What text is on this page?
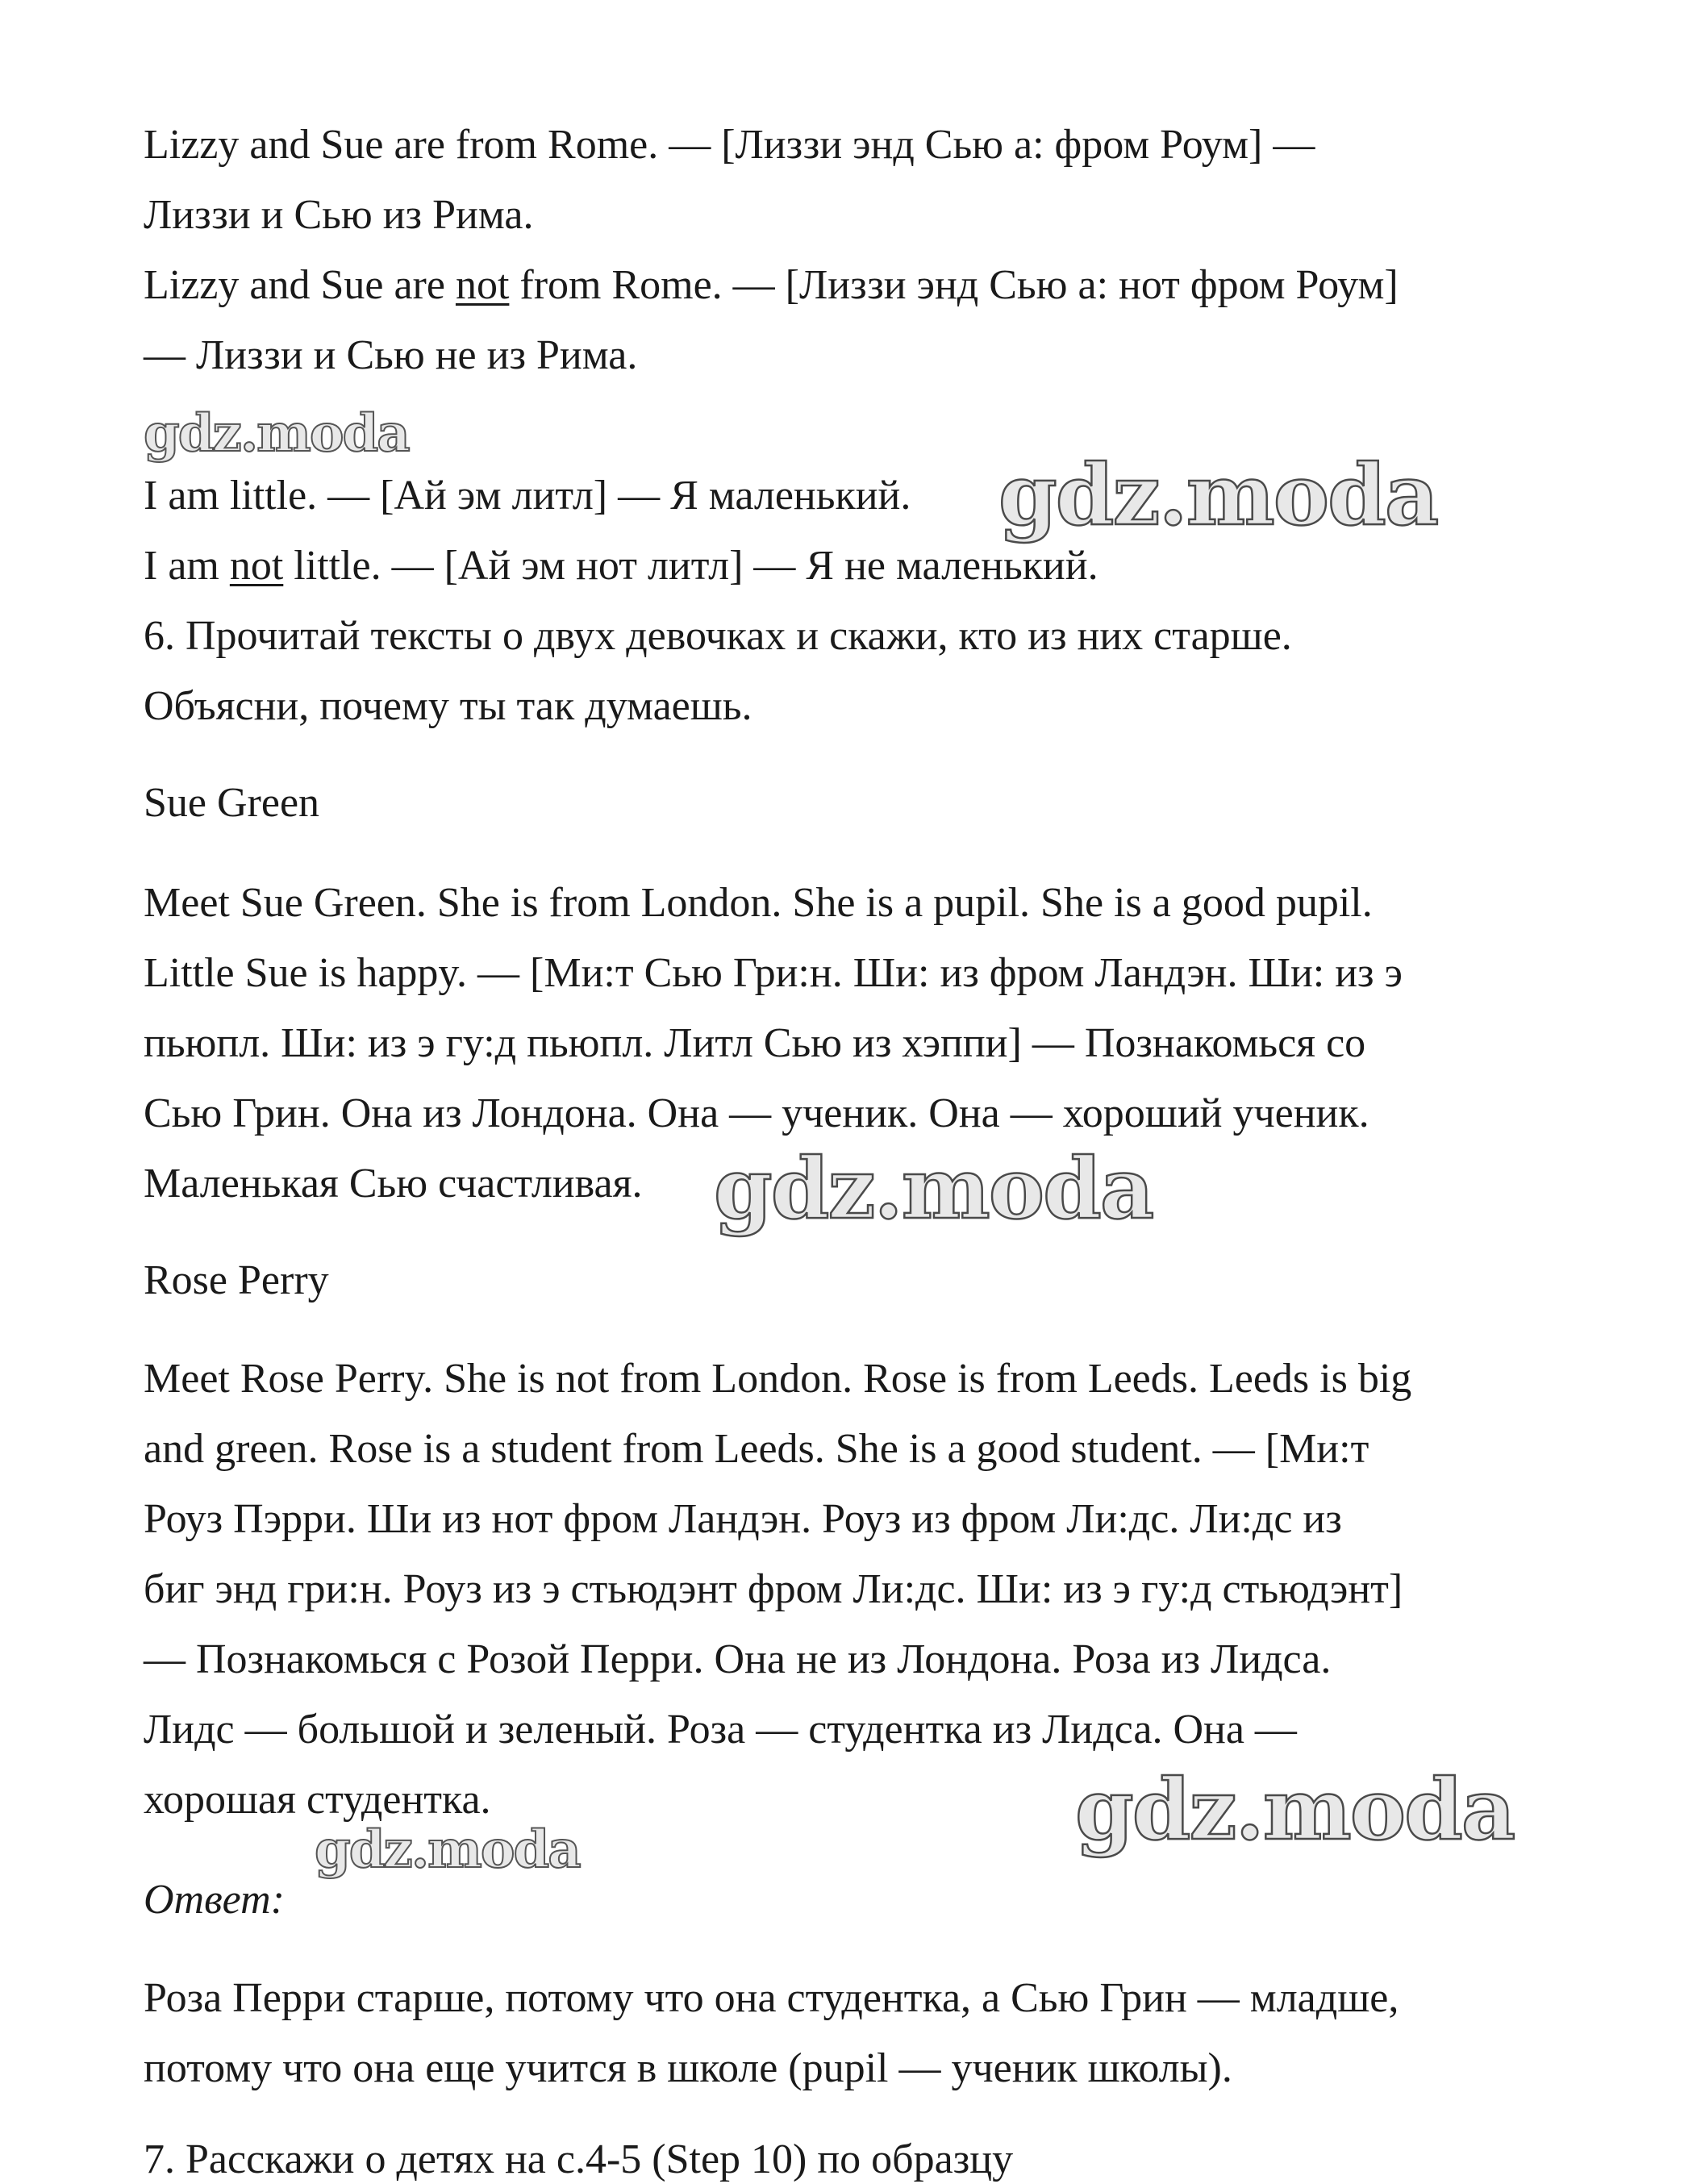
Lizzy and Sue are from Rome. — [Лиззи энд Сью а: фром Роум] —

Лиззи и Сью из Рима.

Lizzy and Sue are not from Rome. — [Лиззи энд Сью а: нот фром Роум]

— Лиззи и Сью не из Рима.

gdz.moda

I am little. — [Ай эм литл] — Я маленький. gdz.moda

I am not little. — [Ай эм нот литл] — Я не маленький.

6. Прочитай тексты о двух девочках и скажи, кто из них старше.

Объясни, почему ты так думаешь.

Sue Green

Meet Sue Green. She is from London. She is a pupil. She is a good pupil.

Little Sue is happy. — [Ми:т Сью Гри:н. Ши: из фром Ландэн. Ши: из э

пьюпл. Ши: из э гу:д пьюпл. Литл Сью из хэппи] — Познакомься со

Сью Грин. Она из Лондона. Она — ученик. Она — хороший ученик.

Маленькая Сью счастливая. gdz.moda

Rose Perry

Meet Rose Perry. She is not from London. Rose is from Leeds. Leeds is big

and green. Rose is a student from Leeds. She is a good student. — [Ми:т

Роуз Пэрри. Ши из нот фром Ландэн. Роуз из фром Ли:дс. Ли:дс из

биг энд гри:н. Роуз из э стьюдэнт фром Ли:дс. Ши: из э гу:д стьюдэнт]

— Познакомься с Розой Перри. Она не из Лондона. Роза из Лидса.

Лидс — большой и зеленый. Роза — студентка из Лидса. Она —

хорошая студентка.	gdz.moda
gdz.moda

Ответ:

Роза Перри старше, потому что она студентка, а Сью Грин — младше,

потому что она еще учится в школе (pupil — ученик школы).

7. Расскажи о детях на с.4-5 (Step 10) по образцу
